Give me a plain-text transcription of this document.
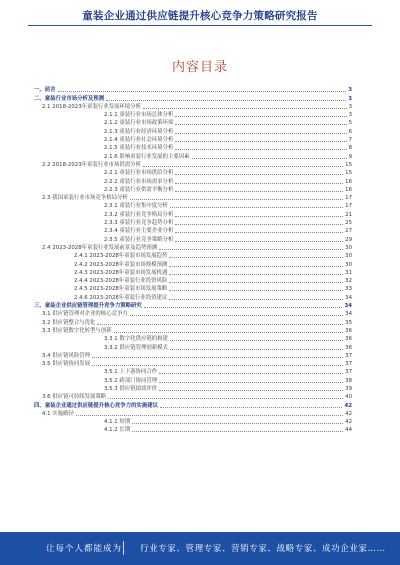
童装企业通过供应链提升核心竞争力策略研究报告
内容目录
一、前言	3
二、童装行业市场分析及预测	3
2.1 2018-2023年童装行业发展环境分析	3
2.1.1 童装行业市场总体分析	3
2.1.2 童装行业市场政策环境	5
2.1.3 童装行业经济环境分析	6
2.1.4 童装行业社会环境分析	7
2.1.5 童装行业技术环境分析	8
2.1.6 影响童装行业发展的主要因素	9
2.2 2018-2023年童装行业市场供需分析	15
2.2.1 童装行业市场供给分析	15
2.2.2 童装行业市场需求分析	16
2.2.3 童装行业供需平衡分析	16
2.3 我国童装行业市场竞争格局分析	17
2.3.1 童装行业集中度分析	17
2.3.2 童装行业竞争格局分析	21
2.3.3 童装行业竞争趋势分析	25
2.3.4 童装行业主要企业分析	27
2.3.5 童装行业竞争策略分析	29
2.4 2023-2028年童装行业发展前景及趋势预测	30
2.4.1 2023-2028年童装市场发展趋势	30
2.4.2 2023-2028年童装市场规模预测	30
2.4.3 2023-2028年童装市场发展机遇	31
2.4.4 2023-2028年童装行业投资风险	32
2.4.5 2023-2028年童装市场发展策略	33
2.4.6 2023-2028年童装行业投资建议	34
三、童装企业供应链管理提升竞争力策略研究	34
3.1 供应链管理对企业的核心竞争力	34
3.2 供应链整合与优化	35
3.3 供应链数字化转型与创新	36
3.3.1 数字化供应链的构建	36
3.3.2 供应链管理创新模式	36
3.4 供应链风险管理	37
3.5 供应链协同发展	37
3.5.1 上下游协同合作	37
3.5.2 跨部门协同管理	38
3.5.3 供应链绩效评价	39
3.6 供应链可持续发展策略	40
四、童装企业通过供应链提升核心竞争力的实施建议	42
4.1 实施路径	42
4.1.1 短期	42
4.1.2 长期	44
让每个人都能成为 行业专家、管理专家、营销专家、战略专家、成功企业家……
